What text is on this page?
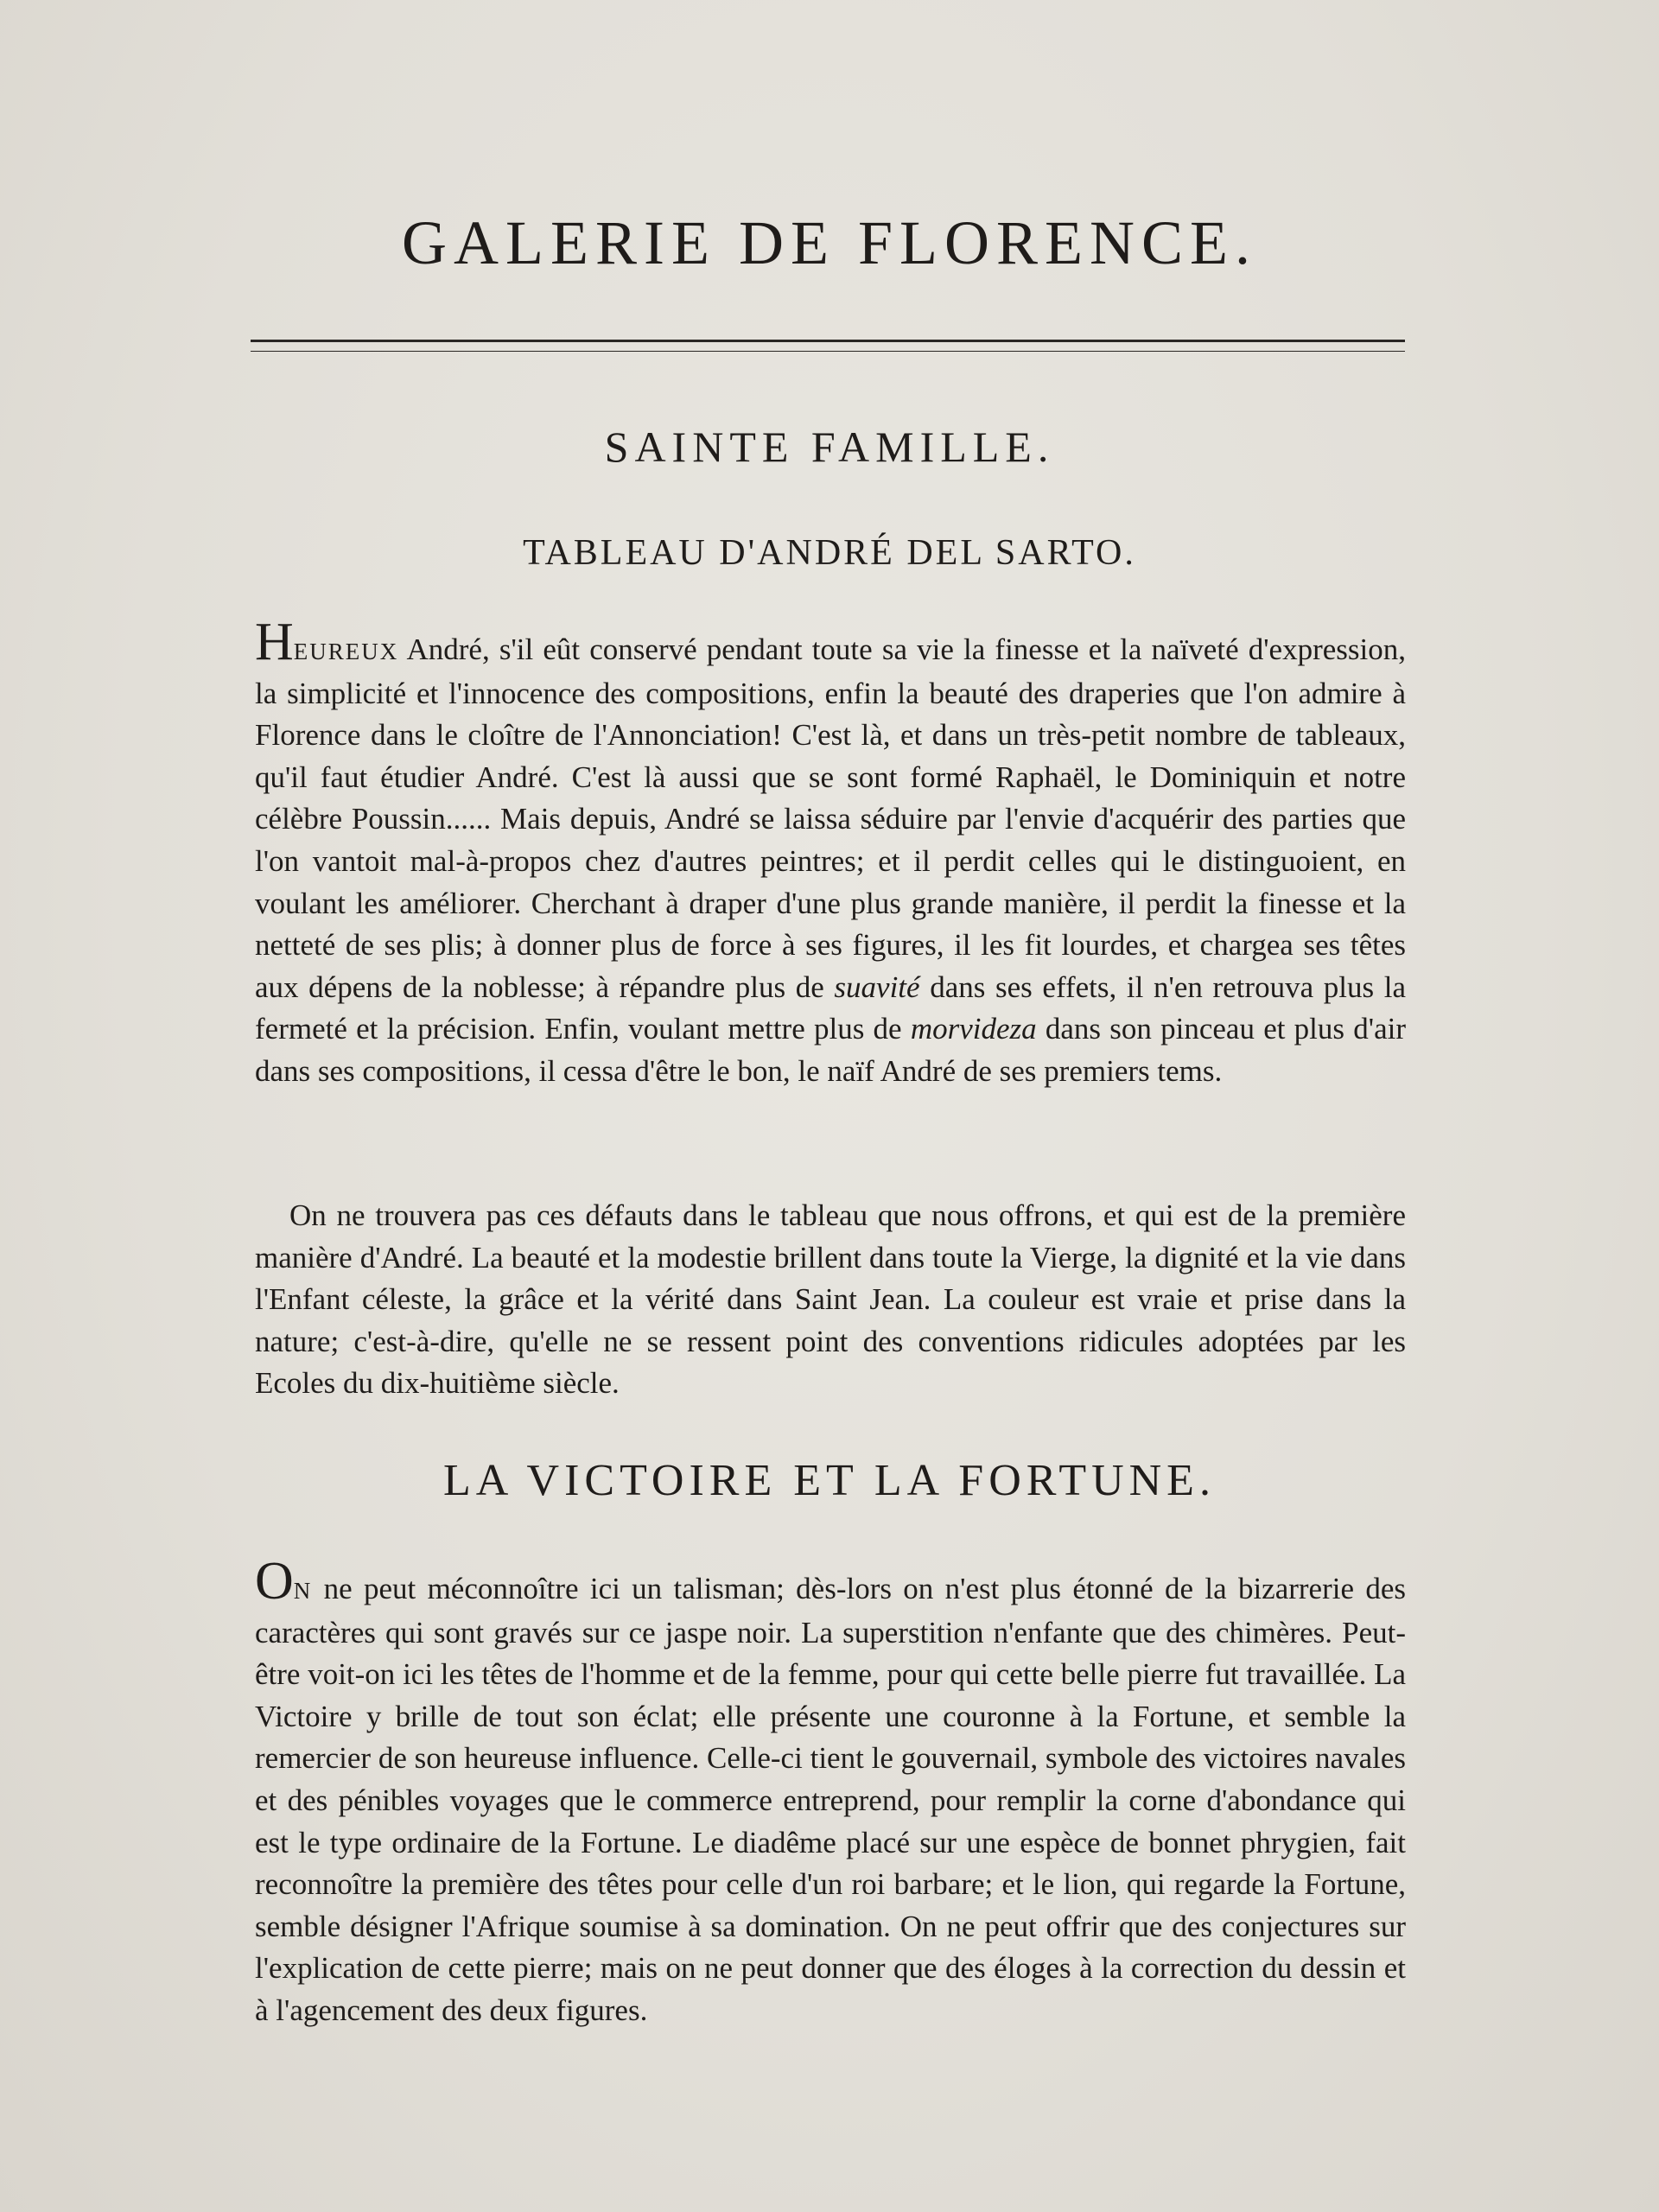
GALERIE DE FLORENCE.
SAINTE FAMILLE.
TABLEAU D'ANDRÉ DEL SARTO.

HEUREUX André, s'il eût conservé pendant toute sa vie la finesse et la naïveté d'expression, la simplicité et l'innocence des compositions, enfin la beauté des draperies que l'on admire à Florence dans le cloître de l'Annonciation! C'est là, et dans un très-petit nombre de tableaux, qu'il faut étudier André. C'est là aussi que se sont formé Raphaël, le Dominiquin et notre célèbre Poussin...... Mais depuis, André se laissa séduire par l'envie d'acquérir des parties que l'on vantoit mal-à-propos chez d'autres peintres; et il perdit celles qui le distinguoient, en voulant les améliorer. Cherchant à draper d'une plus grande manière, il perdit la finesse et la netteté de ses plis; à donner plus de force à ses figures, il les fit lourdes, et chargea ses têtes aux dépens de la noblesse; à répandre plus de suavité dans ses effets, il n'en retrouva plus la fermeté et la précision. Enfin, voulant mettre plus de morvideza dans son pinceau et plus d'air dans ses compositions, il cessa d'être le bon, le naïf André de ses premiers tems.

On ne trouvera pas ces défauts dans le tableau que nous offrons, et qui est de la première manière d'André. La beauté et la modestie brillent dans toute la Vierge, la dignité et la vie dans l'Enfant céleste, la grâce et la vérité dans Saint Jean. La couleur est vraie et prise dans la nature; c'est-à-dire, qu'elle ne se ressent point des conventions ridicules adoptées par les Ecoles du dix-huitième siècle.

LA VICTOIRE ET LA FORTUNE.

ON ne peut méconnoître ici un talisman; dès-lors on n'est plus étonné de la bizarrerie des caractères qui sont gravés sur ce jaspe noir. La superstition n'enfante que des chimères. Peut-être voit-on ici les têtes de l'homme et de la femme, pour qui cette belle pierre fut travaillée. La Victoire y brille de tout son éclat; elle présente une couronne à la Fortune, et semble la remercier de son heureuse influence. Celle-ci tient le gouvernail, symbole des victoires navales et des pénibles voyages que le commerce entreprend, pour remplir la corne d'abondance qui est le type ordinaire de la Fortune. Le diadême placé sur une espèce de bonnet phrygien, fait reconnoître la première des têtes pour celle d'un roi barbare; et le lion, qui regarde la Fortune, semble désigner l'Afrique soumise à sa domination. On ne peut offrir que des conjectures sur l'explication de cette pierre; mais on ne peut donner que des éloges à la correction du dessin et à l'agencement des deux figures.
